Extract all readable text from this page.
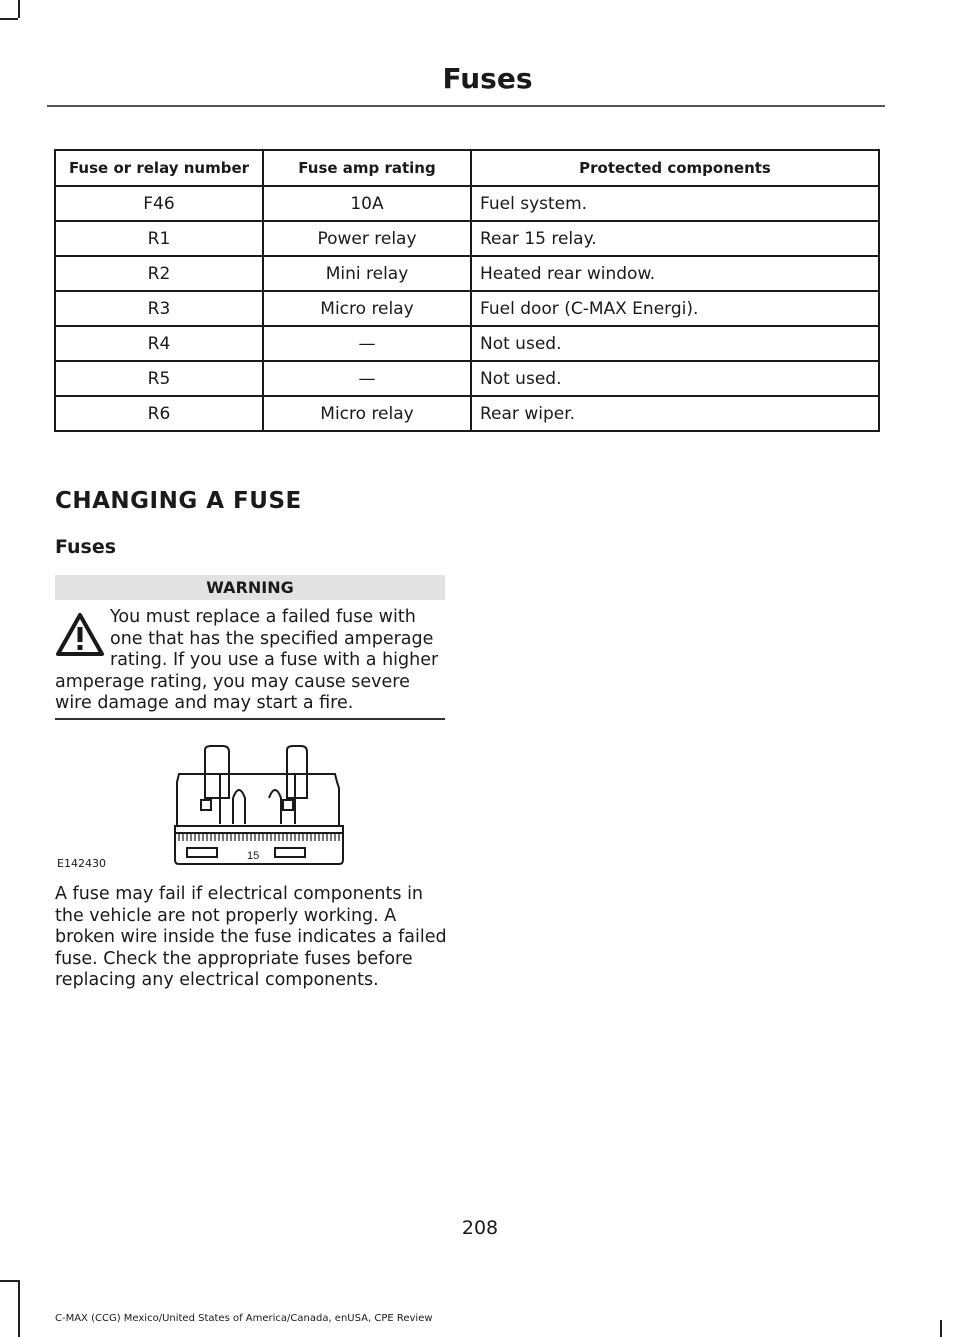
Fuses
Fuse or relay number	Fuse amp rating	Protected components
F46	10A	Fuel system.
R1	Power relay	Rear 15 relay.
R2	Mini relay	Heated rear window.
R3	Micro relay	Fuel door (C-MAX Energi).
R4	—	Not used.
R5	—	Not used.
R6	Micro relay	Rear wiper.
CHANGING A FUSE
Fuses
WARNING
You must replace a failed fuse with one that has the specified amperage rating. If you use a fuse with a higher amperage rating, you may cause severe wire damage and may start a fire.
15
E142430
A fuse may fail if electrical components in the vehicle are not properly working. A broken wire inside the fuse indicates a failed fuse. Check the appropriate fuses before replacing any electrical components.
208
C-MAX (CCG) Mexico/United States of America/Canada, enUSA, CPE Review
